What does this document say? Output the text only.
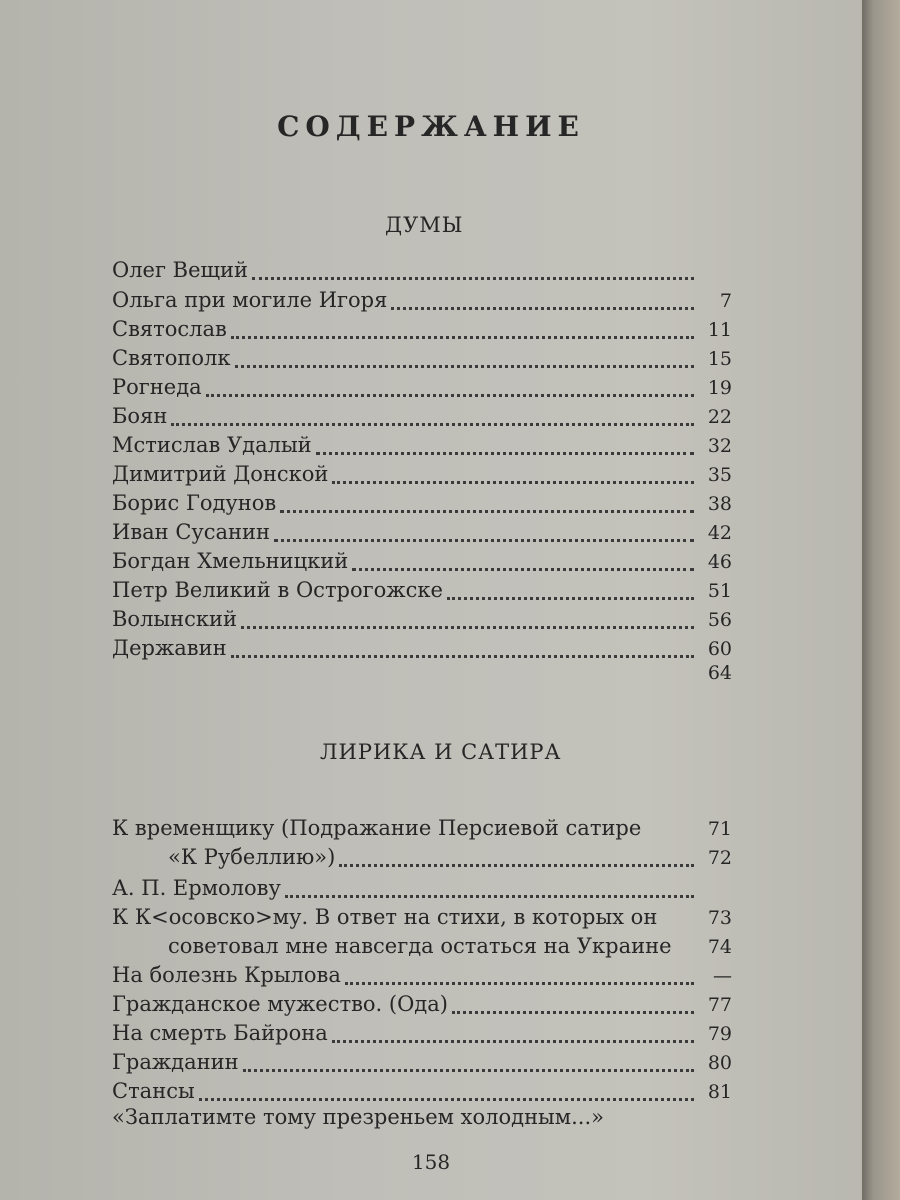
СОДЕРЖАНИЕ
ДУМЫ
Олег Вещий
Ольга при могиле Игоря	7
Святослав	11
Святополк	15
Рогнеда	19
Боян	22
Мстислав Удалый	32
Димитрий Донской	35
Борис Годунов	38
Иван Сусанин	42
Богдан Хмельницкий	46
Петр Великий в Острогожске	51
Волынский	56
Державин	60
64
ЛИРИКА И САТИРА
К временщику (Подражание Персиевой сатире	71
«К Рубеллию»)	72
А. П. Ермолову
К К<осовско>му. В ответ на стихи, в которых он	73
советовал мне навсегда остаться на Украине	74
На болезнь Крылова	—
Гражданское мужество. (Ода)	77
На смерть Байрона	79
Гражданин	80
Стансы	81
«Заплатимте тому презреньем холодным...»
158
